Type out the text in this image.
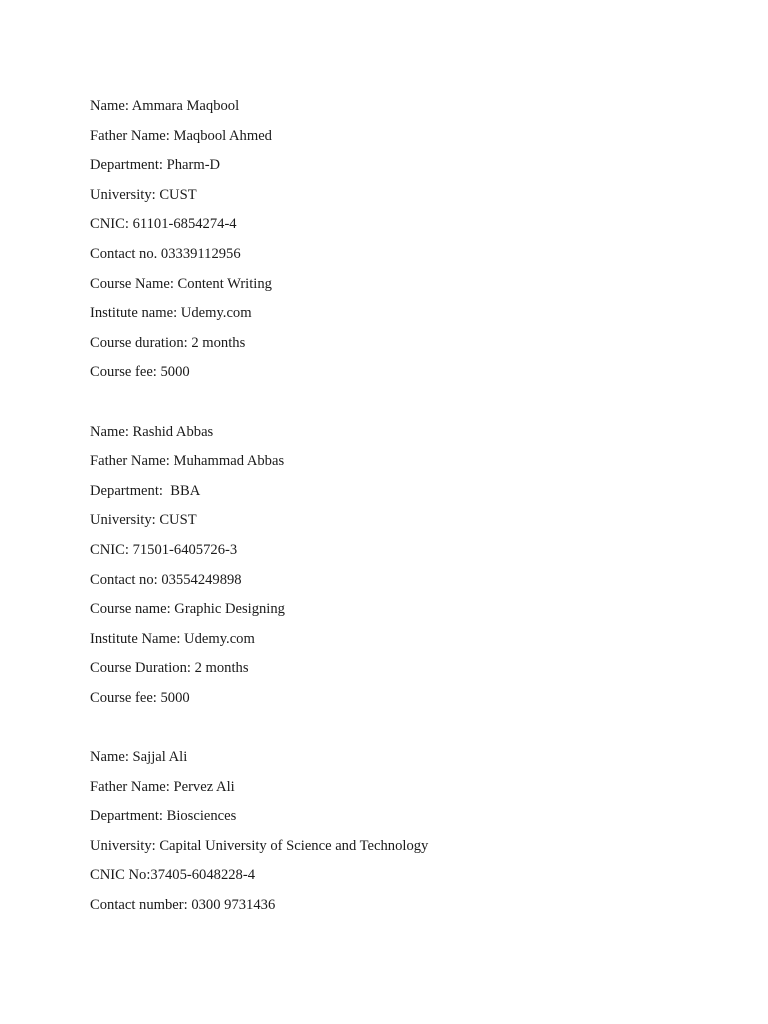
Name: Ammara Maqbool
Father Name: Maqbool Ahmed
Department: Pharm-D
University: CUST
CNIC: 61101-6854274-4
Contact no. 03339112956
Course Name: Content Writing
Institute name: Udemy.com
Course duration: 2 months
Course fee: 5000
Name: Rashid Abbas
Father Name: Muhammad Abbas
Department:  BBA
University: CUST
CNIC: 71501-6405726-3
Contact no: 03554249898
Course name: Graphic Designing
Institute Name: Udemy.com
Course Duration: 2 months
Course fee: 5000
Name: Sajjal Ali
Father Name: Pervez Ali
Department: Biosciences
University: Capital University of Science and Technology
CNIC No:37405-6048228-4
Contact number: 0300 9731436
